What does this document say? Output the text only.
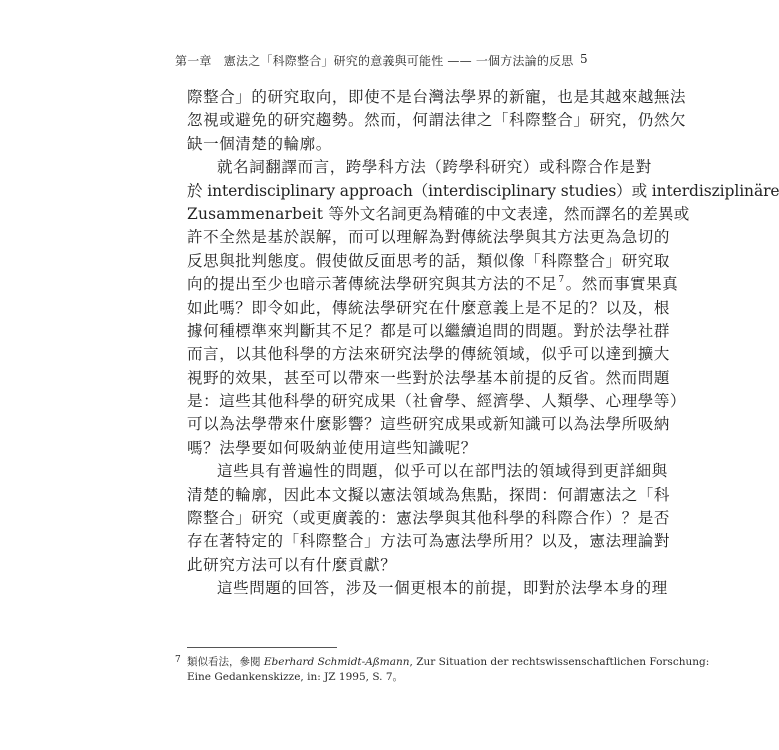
第一章　憲法之「科際整合」研究的意義與可能性 —— 一個方法論的反思 5
際整合」的研究取向，即使不是台灣法學界的新寵，也是其越來越無法
忽視或避免的研究趨勢。然而，何謂法律之「科際整合」研究，仍然欠
缺一個清楚的輪廓。
就名詞翻譯而言，跨學科方法（跨學科研究）或科際合作是對
於 interdisciplinary approach（interdisciplinary studies）或 interdisziplinäre
Zusammenarbeit 等外文名詞更為精確的中文表達，然而譯名的差異或
許不全然是基於誤解，而可以理解為對傳統法學與其方法更為急切的
反思與批判態度。假使做反面思考的話，類似像「科際整合」研究取
向的提出至少也暗示著傳統法學研究與其方法的不足$^7$。然而事實果真
如此嗎？即令如此，傳統法學研究在什麼意義上是不足的？以及，根
據何種標準來判斷其不足？都是可以繼續追問的問題。對於法學社群
而言，以其他科學的方法來研究法學的傳統領域，似乎可以達到擴大
視野的效果，甚至可以帶來一些對於法學基本前提的反省。然而問題
是：這些其他科學的研究成果（社會學、經濟學、人類學、心理學等）
可以為法學帶來什麼影響？這些研究成果或新知識可以為法學所吸納
嗎？法學要如何吸納並使用這些知識呢？
這些具有普遍性的問題，似乎可以在部門法的領域得到更詳細與
清楚的輪廓，因此本文擬以憲法領域為焦點，探問：何謂憲法之「科
際整合」研究（或更廣義的：憲法學與其他科學的科際合作）？是否
存在著特定的「科際整合」方法可為憲法學所用？以及，憲法理論對
此研究方法可以有什麼貢獻？
這些問題的回答，涉及一個更根本的前提，即對於法學本身的理
7 類似看法，參閱 Eberhard Schmidt-Aßmann, Zur Situation der rechtswissenschaftlichen Forschung:
Eine Gedankenskizze, in: JZ 1995, S. 7。
